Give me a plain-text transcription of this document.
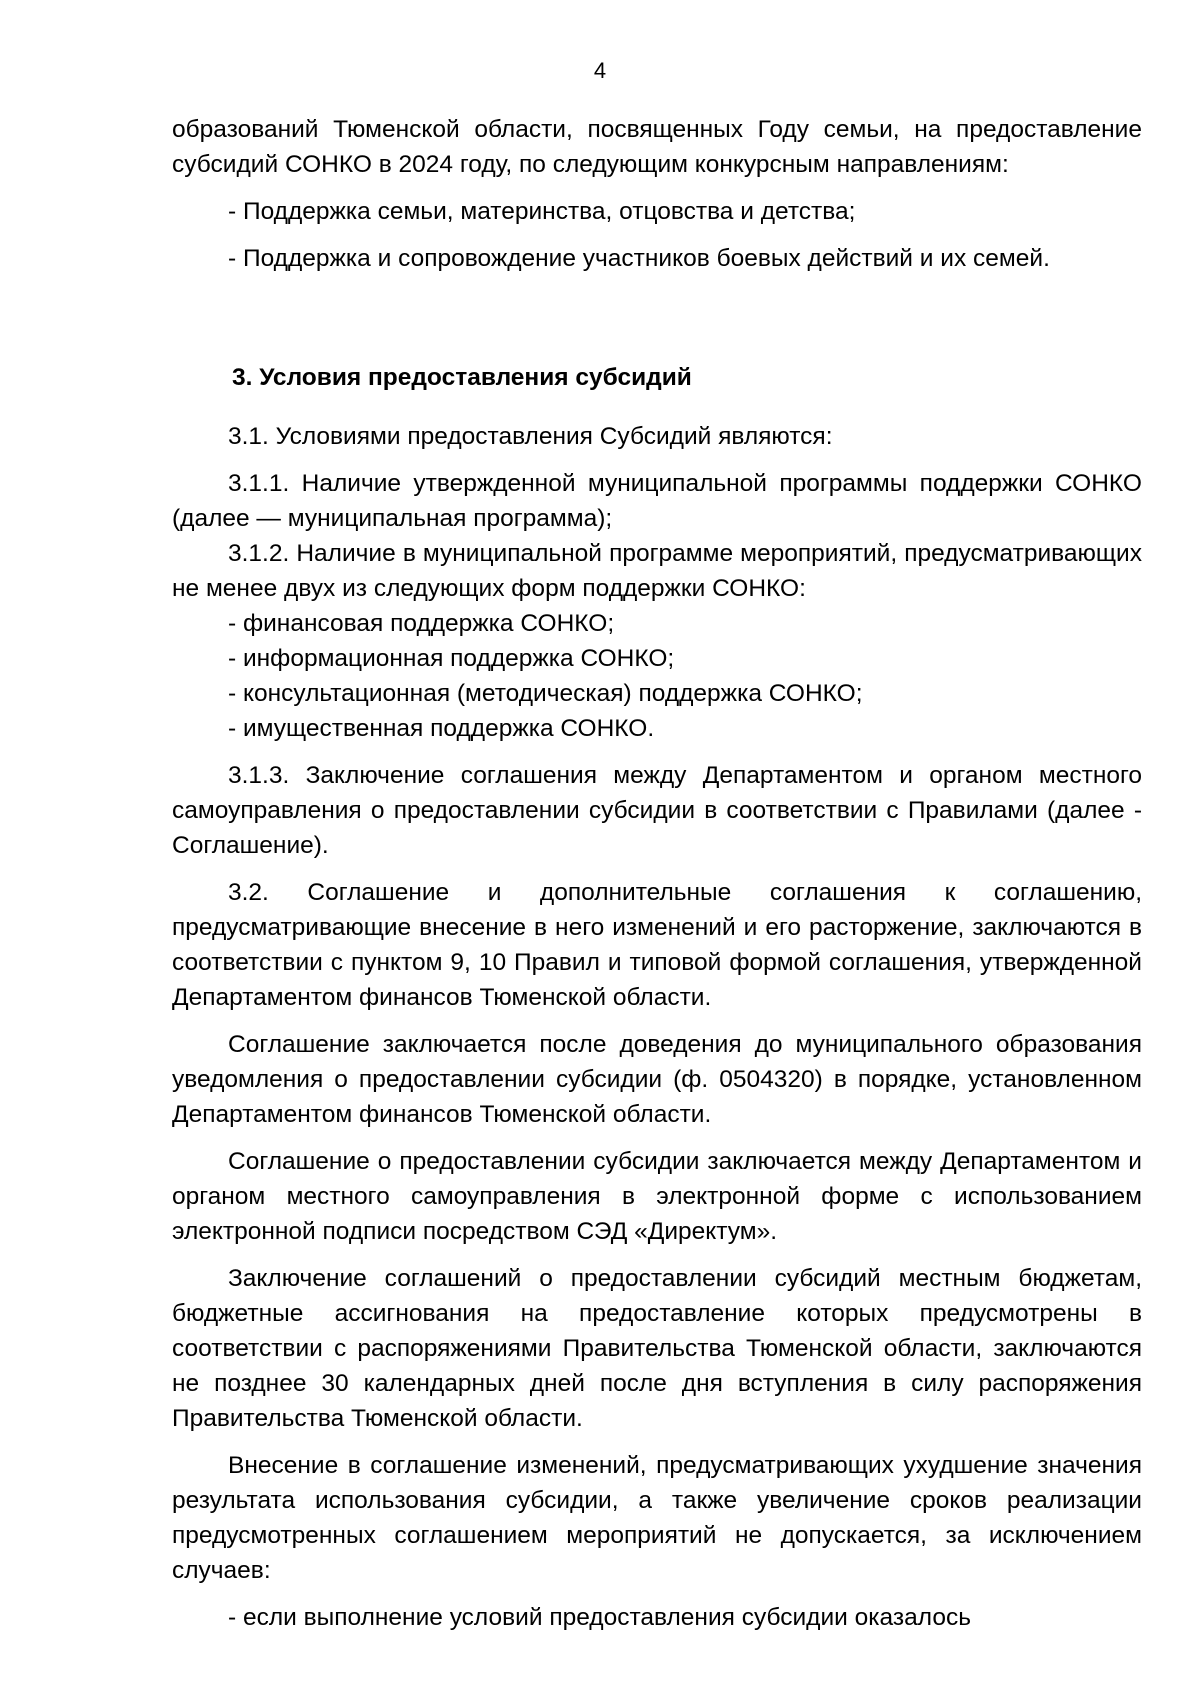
4

образований Тюменской области, посвященных Году семьи, на предоставление субсидий СОНКО в 2024 году, по следующим конкурсным направлениям:

- Поддержка семьи, материнства, отцовства и детства;

- Поддержка и сопровождение участников боевых действий и их семей.

3. Условия предоставления субсидий

3.1. Условиями предоставления Субсидий являются:

3.1.1. Наличие утвержденной муниципальной программы поддержки СОНКО (далее — муниципальная программа);

3.1.2. Наличие в муниципальной программе мероприятий, предусматривающих не менее двух из следующих форм поддержки СОНКО:

- финансовая поддержка СОНКО;

- информационная поддержка СОНКО;

- консультационная (методическая) поддержка СОНКО;

- имущественная поддержка СОНКО.

3.1.3. Заключение соглашения между Департаментом и органом местного самоуправления о предоставлении субсидии в соответствии с Правилами (далее - Соглашение).

3.2. Соглашение и дополнительные соглашения к соглашению, предусматривающие внесение в него изменений и его расторжение, заключаются в соответствии с пунктом 9, 10 Правил и типовой формой соглашения, утвержденной Департаментом финансов Тюменской области.

Соглашение заключается после доведения до муниципального образования уведомления о предоставлении субсидии (ф. 0504320) в порядке, установленном Департаментом финансов Тюменской области.

Соглашение о предоставлении субсидии заключается между Департаментом и органом местного самоуправления в электронной форме с использованием электронной подписи посредством СЭД «Директум».

Заключение соглашений о предоставлении субсидий местным бюджетам, бюджетные ассигнования на предоставление которых предусмотрены в соответствии с распоряжениями Правительства Тюменской области, заключаются не позднее 30 календарных дней после дня вступления в силу распоряжения Правительства Тюменской области.

Внесение в соглашение изменений, предусматривающих ухудшение значения результата использования субсидии, а также увеличение сроков реализации предусмотренных соглашением мероприятий не допускается, за исключением случаев:

- если выполнение условий предоставления субсидии оказалось
